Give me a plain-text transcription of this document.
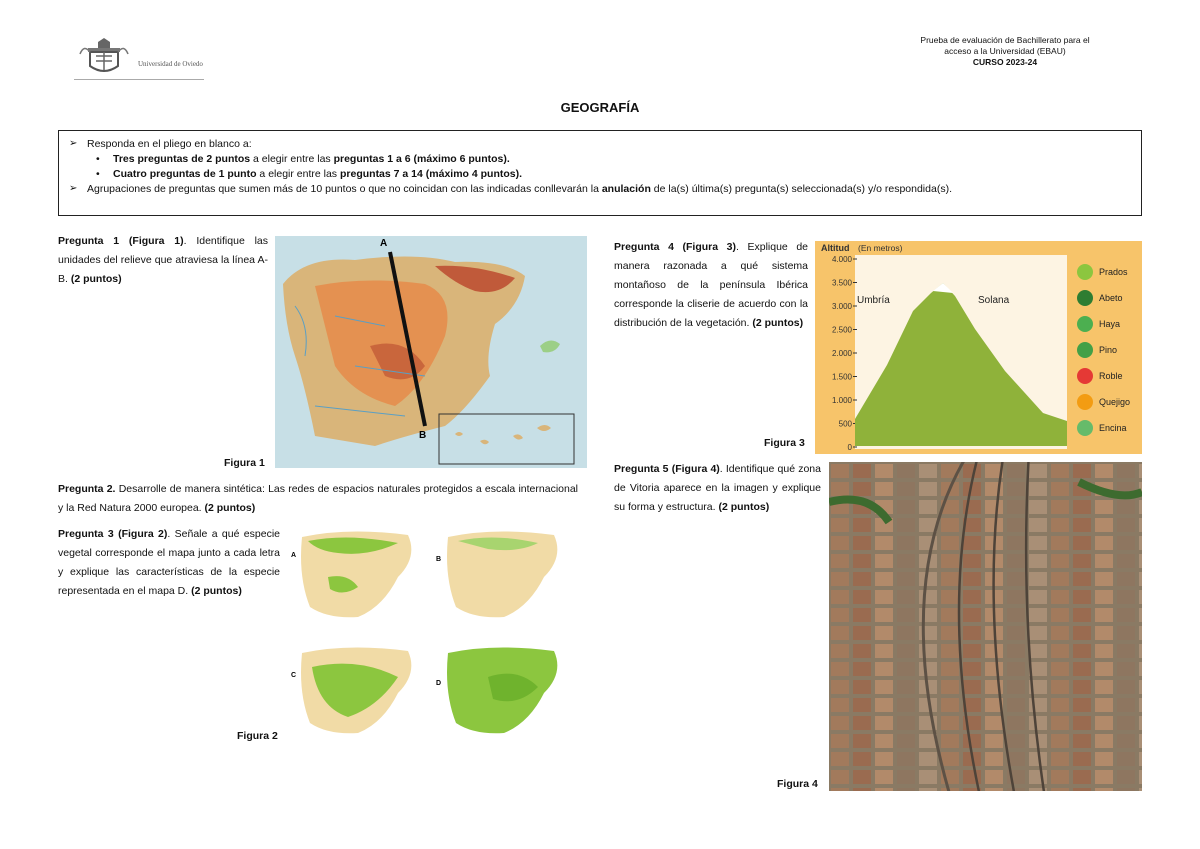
Universidad de Oviedo
Prueba de evaluación de Bachillerato para el
acceso a la Universidad (EBAU)
CURSO 2023-24
GEOGRAFÍA
➢ Responda en el pliego en blanco a:
• Tres preguntas de 2 puntos a elegir entre las preguntas 1 a 6 (máximo 6 puntos).
• Cuatro preguntas de 1 punto a elegir entre las preguntas 7 a 14 (máximo 4 puntos).
➢ Agrupaciones de preguntas que sumen más de 10 puntos o que no coincidan con las indicadas conllevarán la anulación de la(s) última(s) pregunta(s) seleccionada(s) y/o respondida(s).
Pregunta 1 (Figura 1). Identifique las unidades del relieve que atraviesa la línea A-B. (2 puntos)
Figura 1
A
B
Pregunta 2. Desarrolle de manera sintética: Las redes de espacios naturales protegidos a escala internacional y la Red Natura 2000 europea. (2 puntos)
Pregunta 3 (Figura 2). Señale a qué especie vegetal corresponde el mapa junto a cada letra y explique las características de la especie representada en el mapa D. (2 puntos)
Figura 2
A
B
C
D
Pregunta 4 (Figura 3). Explique de manera razonada a qué sistema montañoso de la península Ibérica corresponde la cliserie de acuerdo con la distribución de la vegetación. (2 puntos)
Figura 3
Altitud (En metros)
4.000
3.500
3.000
2.500
2.000
1.500
1.000
500
0
Umbría	Solana
Prados
Abeto
Haya
Pino
Roble
Quejigo
Encina
Pregunta 5 (Figura 4). Identifique qué zona de Vitoria aparece en la imagen y explique su forma y estructura. (2 puntos)
Figura 4
